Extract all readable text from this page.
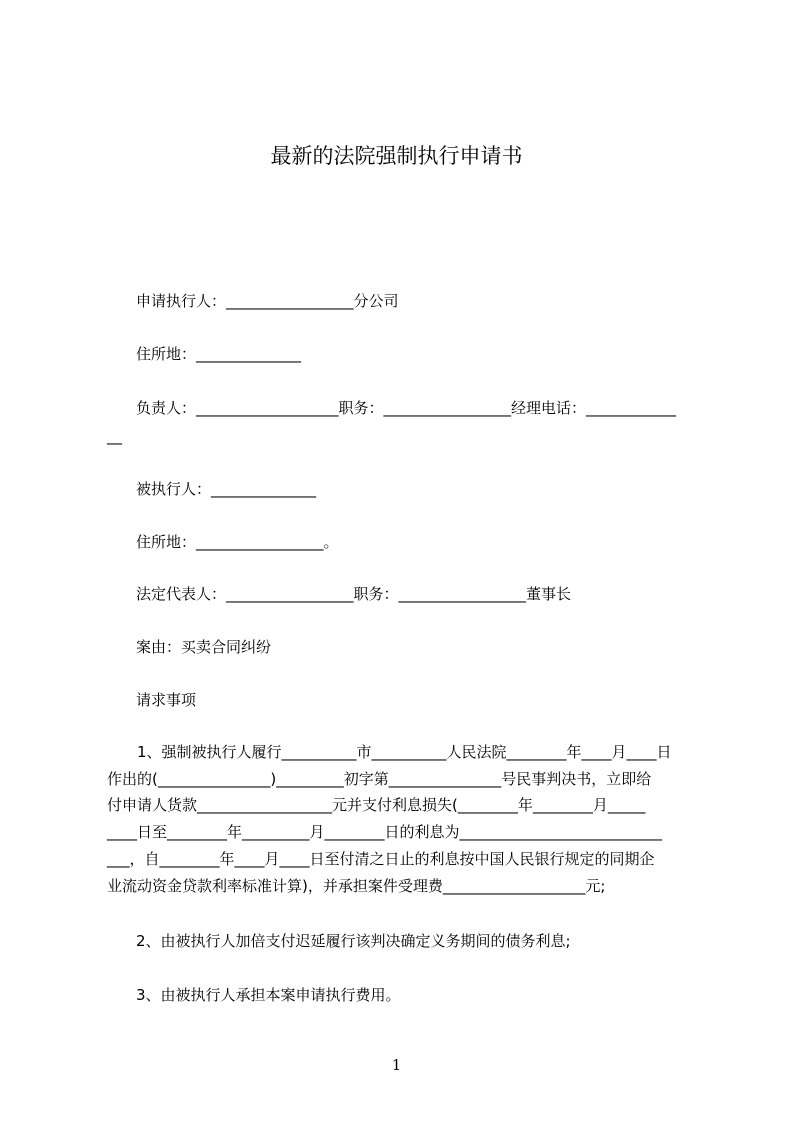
最新的法院强制执行申请书

申请执行人：_________________分公司

住所地：______________

负责人：___________________职务：_________________经理电话：____________

__

被执行人：______________

住所地：_________________。

法定代表人：_________________职务：_________________董事长

案由：买卖合同纠纷

请求事项

1、强制被执行人履行__________市__________人民法院________年____月____日
作出的(_______________)_________初字第_______________号民事判决书，立即给
付申请人货款__________________元并支付利息损失(________年________月_____
____日至________年_________月________日的利息为___________________________
___，自________年____月____日至付清之日止的利息按中国人民银行规定的同期企
业流动资金贷款利率标准计算)，并承担案件受理费___________________元;

2、由被执行人加倍支付迟延履行该判决确定义务期间的债务利息;

3、由被执行人承担本案申请执行费用。

1
